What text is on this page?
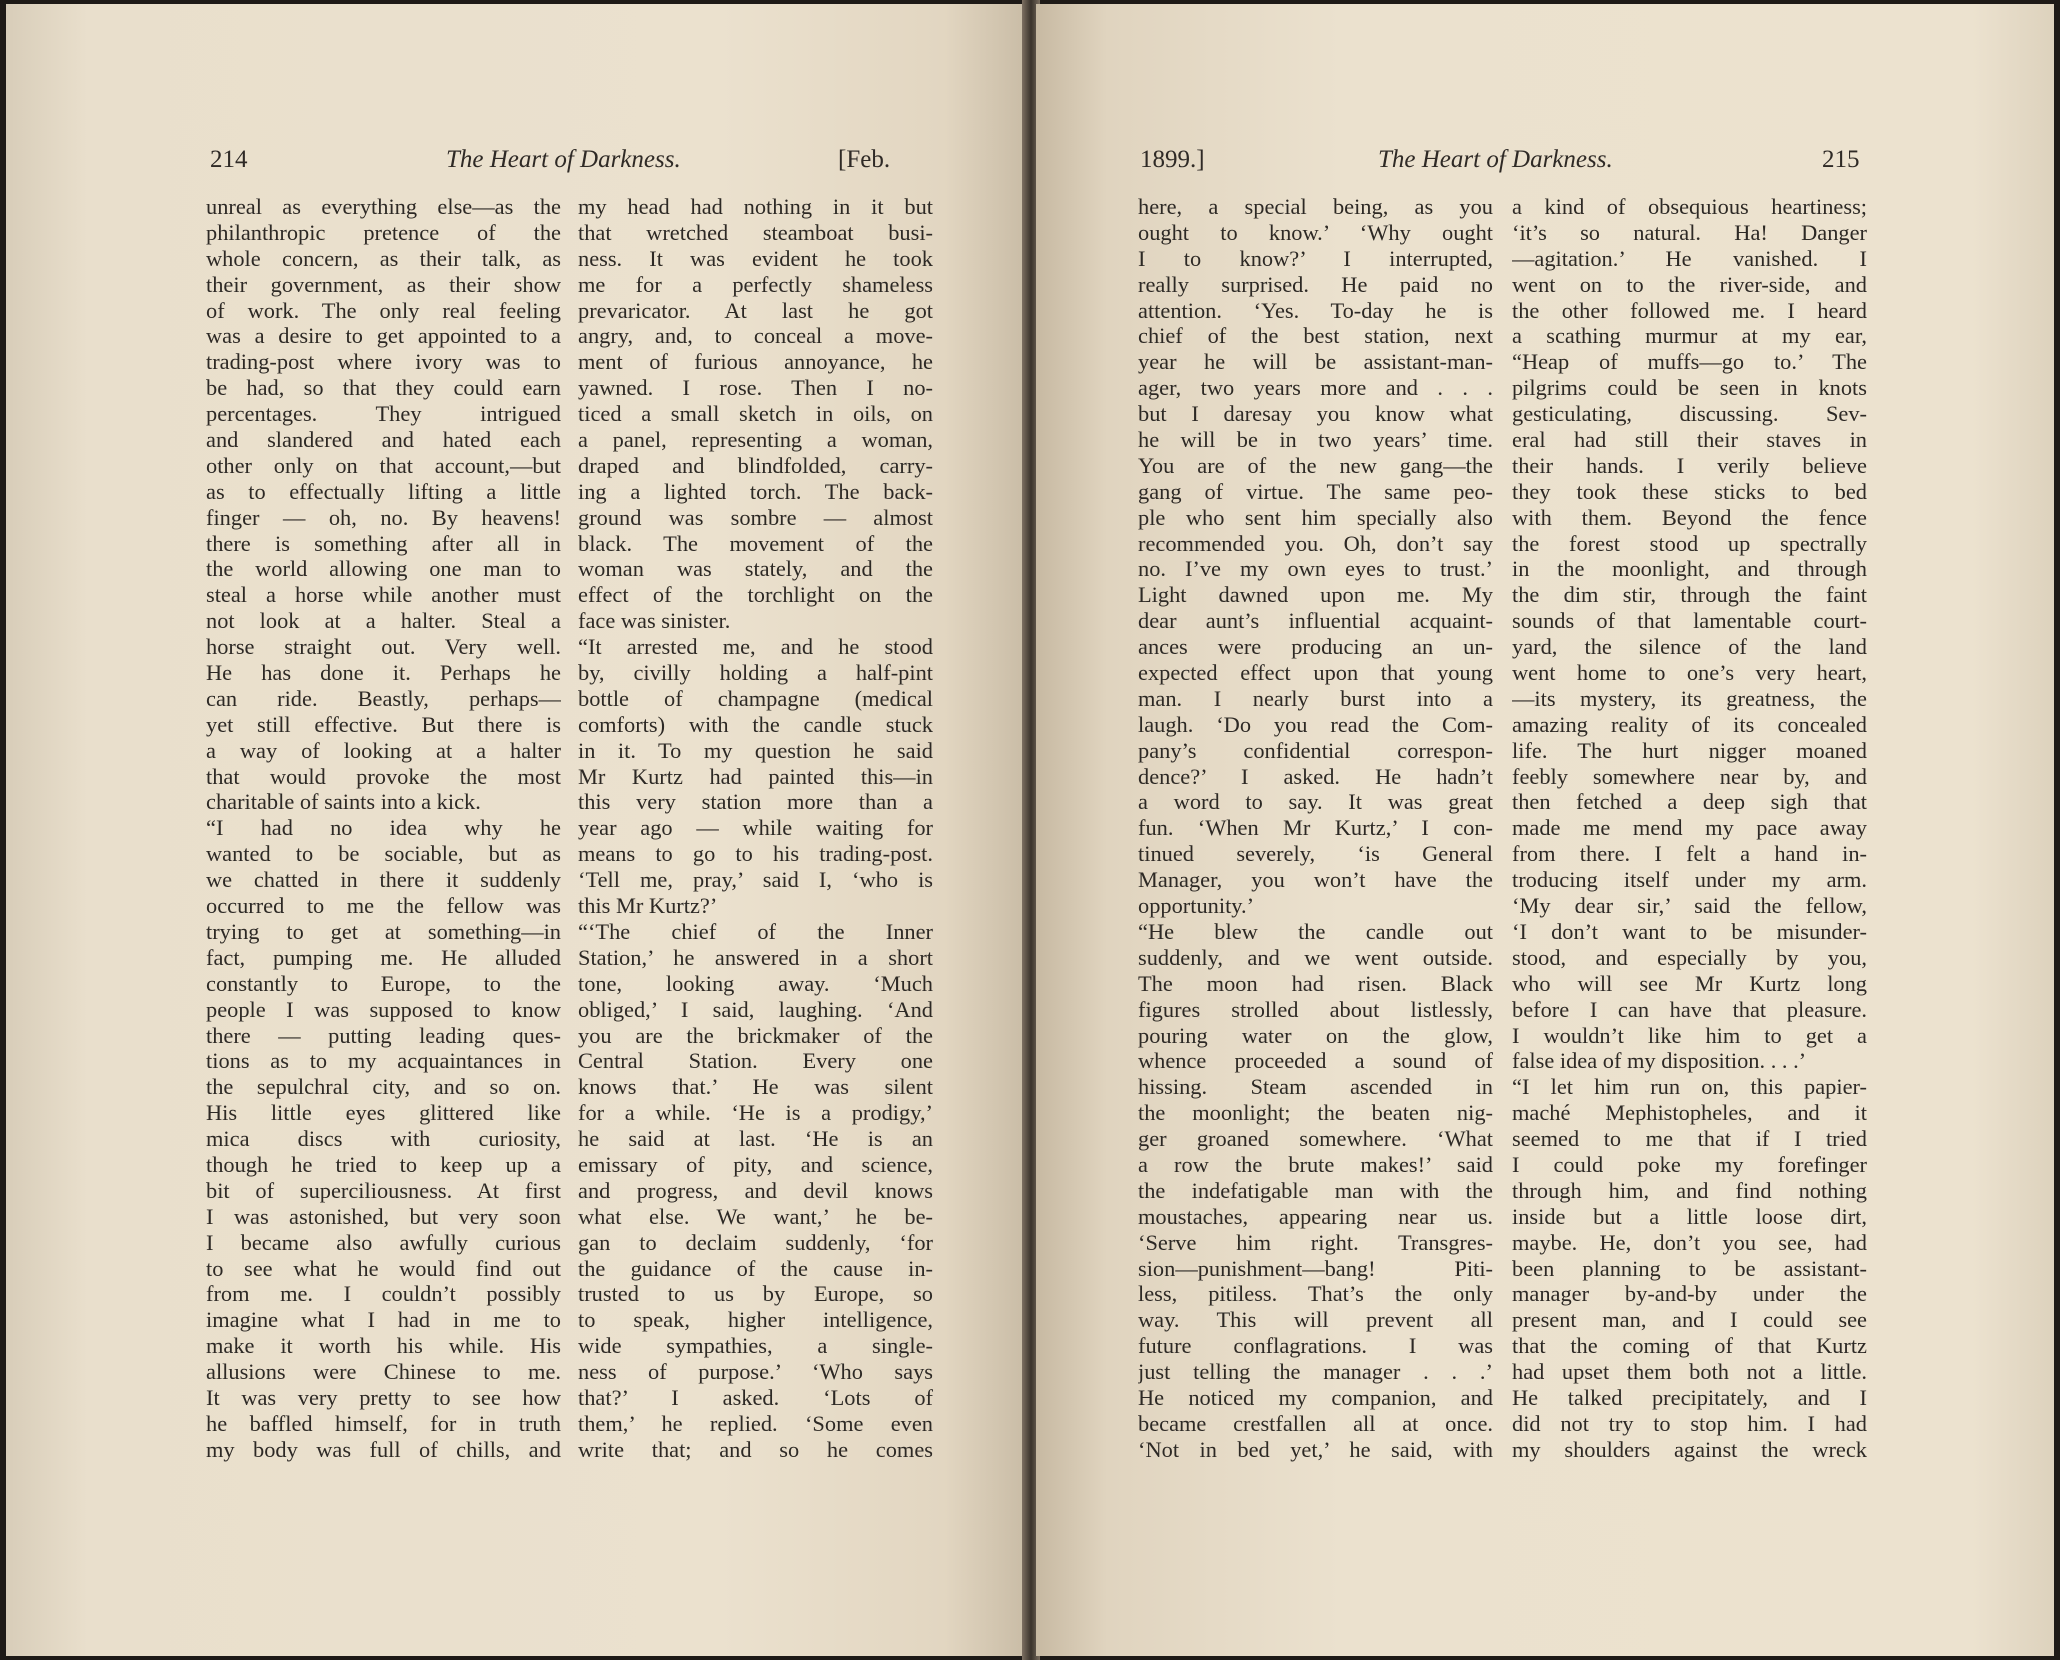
214	The Heart of Darkness.	[Feb.
unreal as everything else—as the
philanthropic pretence of the
whole concern, as their talk, as
their government, as their show
of work. The only real feeling
was a desire to get appointed to a
trading-post where ivory was to
be had, so that they could earn
percentages. They intrigued
and slandered and hated each
other only on that account,—but
as to effectually lifting a little
finger — oh, no. By heavens!
there is something after all in
the world allowing one man to
steal a horse while another must
not look at a halter. Steal a
horse straight out. Very well.
He has done it. Perhaps he
can ride. Beastly, perhaps—
yet still effective. But there is
a way of looking at a halter
that would provoke the most
charitable of saints into a kick.
“I had no idea why he
wanted to be sociable, but as
we chatted in there it suddenly
occurred to me the fellow was
trying to get at something—in
fact, pumping me. He alluded
constantly to Europe, to the
people I was supposed to know
there — putting leading ques-
tions as to my acquaintances in
the sepulchral city, and so on.
His little eyes glittered like
mica discs with curiosity,
though he tried to keep up a
bit of superciliousness. At first
I was astonished, but very soon
I became also awfully curious
to see what he would find out
from me. I couldn’t possibly
imagine what I had in me to
make it worth his while. His
allusions were Chinese to me.
It was very pretty to see how
he baffled himself, for in truth
my body was full of chills, and
my head had nothing in it but
that wretched steamboat busi-
ness. It was evident he took
me for a perfectly shameless
prevaricator. At last he got
angry, and, to conceal a move-
ment of furious annoyance, he
yawned. I rose. Then I no-
ticed a small sketch in oils, on
a panel, representing a woman,
draped and blindfolded, carry-
ing a lighted torch. The back-
ground was sombre — almost
black. The movement of the
woman was stately, and the
effect of the torchlight on the
face was sinister.
“It arrested me, and he stood
by, civilly holding a half-pint
bottle of champagne (medical
comforts) with the candle stuck
in it. To my question he said
Mr Kurtz had painted this—in
this very station more than a
year ago — while waiting for
means to go to his trading-post.
‘Tell me, pray,’ said I, ‘who is
this Mr Kurtz?’
“‘The chief of the Inner
Station,’ he answered in a short
tone, looking away. ‘Much
obliged,’ I said, laughing. ‘And
you are the brickmaker of the
Central Station. Every one
knows that.’ He was silent
for a while. ‘He is a prodigy,’
he said at last. ‘He is an
emissary of pity, and science,
and progress, and devil knows
what else. We want,’ he be-
gan to declaim suddenly, ‘for
the guidance of the cause in-
trusted to us by Europe, so
to speak, higher intelligence,
wide sympathies, a single-
ness of purpose.’ ‘Who says
that?’ I asked. ‘Lots of
them,’ he replied. ‘Some even
write that; and so he comes
1899.]	The Heart of Darkness.	215
here, a special being, as you
ought to know.’ ‘Why ought
I to know?’ I interrupted,
really surprised. He paid no
attention. ‘Yes. To-day he is
chief of the best station, next
year he will be assistant-man-
ager, two years more and . . .
but I daresay you know what
he will be in two years’ time.
You are of the new gang—the
gang of virtue. The same peo-
ple who sent him specially also
recommended you. Oh, don’t say
no. I’ve my own eyes to trust.’
Light dawned upon me. My
dear aunt’s influential acquaint-
ances were producing an un-
expected effect upon that young
man. I nearly burst into a
laugh. ‘Do you read the Com-
pany’s confidential correspon-
dence?’ I asked. He hadn’t
a word to say. It was great
fun. ‘When Mr Kurtz,’ I con-
tinued severely, ‘is General
Manager, you won’t have the
opportunity.’
“He blew the candle out
suddenly, and we went outside.
The moon had risen. Black
figures strolled about listlessly,
pouring water on the glow,
whence proceeded a sound of
hissing. Steam ascended in
the moonlight; the beaten nig-
ger groaned somewhere. ‘What
a row the brute makes!’ said
the indefatigable man with the
moustaches, appearing near us.
‘Serve him right. Transgres-
sion—punishment—bang! Piti-
less, pitiless. That’s the only
way. This will prevent all
future conflagrations. I was
just telling the manager . . .’
He noticed my companion, and
became crestfallen all at once.
‘Not in bed yet,’ he said, with
a kind of obsequious heartiness;
‘it’s so natural. Ha! Danger
—agitation.’ He vanished. I
went on to the river-side, and
the other followed me. I heard
a scathing murmur at my ear,
“Heap of muffs—go to.’ The
pilgrims could be seen in knots
gesticulating, discussing. Sev-
eral had still their staves in
their hands. I verily believe
they took these sticks to bed
with them. Beyond the fence
the forest stood up spectrally
in the moonlight, and through
the dim stir, through the faint
sounds of that lamentable court-
yard, the silence of the land
went home to one’s very heart,
—its mystery, its greatness, the
amazing reality of its concealed
life. The hurt nigger moaned
feebly somewhere near by, and
then fetched a deep sigh that
made me mend my pace away
from there. I felt a hand in-
troducing itself under my arm.
‘My dear sir,’ said the fellow,
‘I don’t want to be misunder-
stood, and especially by you,
who will see Mr Kurtz long
before I can have that pleasure.
I wouldn’t like him to get a
false idea of my disposition. . . .’
“I let him run on, this papier-
maché Mephistopheles, and it
seemed to me that if I tried
I could poke my forefinger
through him, and find nothing
inside but a little loose dirt,
maybe. He, don’t you see, had
been planning to be assistant-
manager by-and-by under the
present man, and I could see
that the coming of that Kurtz
had upset them both not a little.
He talked precipitately, and I
did not try to stop him. I had
my shoulders against the wreck
